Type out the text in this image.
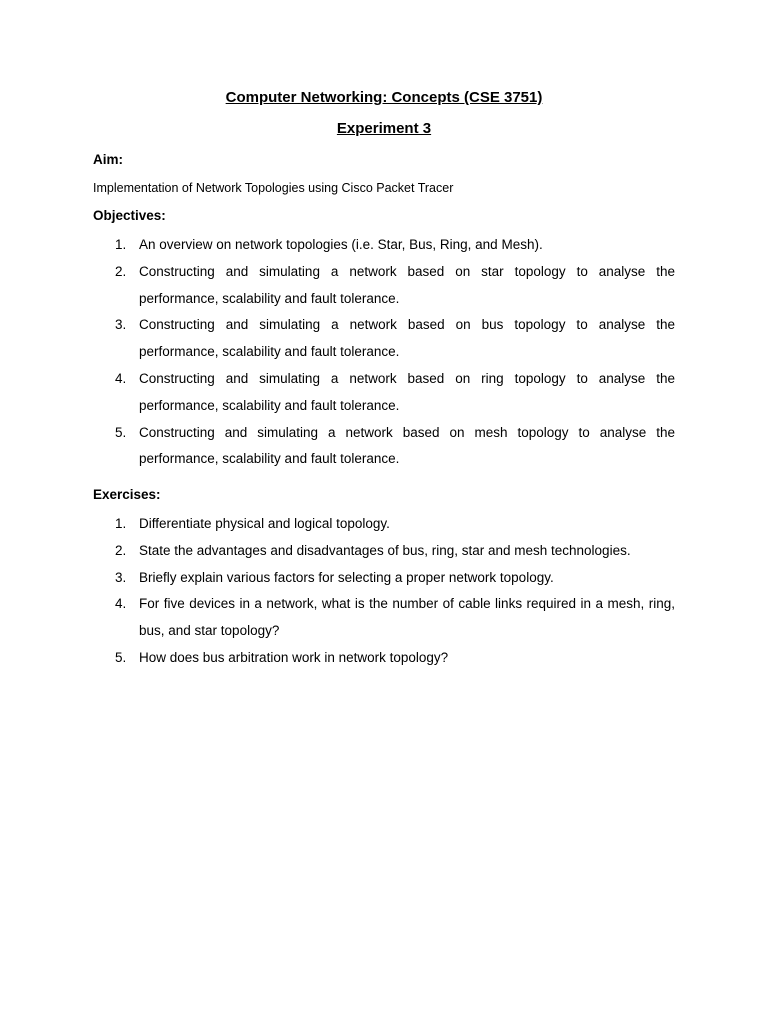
Computer Networking: Concepts (CSE 3751)
Experiment 3
Aim:

Implementation of Network Topologies using Cisco Packet Tracer

Objectives:
1. An overview on network topologies (i.e. Star, Bus, Ring, and Mesh).
2. Constructing and simulating a network based on star topology to analyse the performance, scalability and fault tolerance.
3. Constructing and simulating a network based on bus topology to analyse the performance, scalability and fault tolerance.
4. Constructing and simulating a network based on ring topology to analyse the performance, scalability and fault tolerance.
5. Constructing and simulating a network based on mesh topology to analyse the performance, scalability and fault tolerance.
Exercises:
1. Differentiate physical and logical topology.
2. State the advantages and disadvantages of bus, ring, star and mesh technologies.
3. Briefly explain various factors for selecting a proper network topology.
4. For five devices in a network, what is the number of cable links required in a mesh, ring, bus, and star topology?
5. How does bus arbitration work in network topology?
